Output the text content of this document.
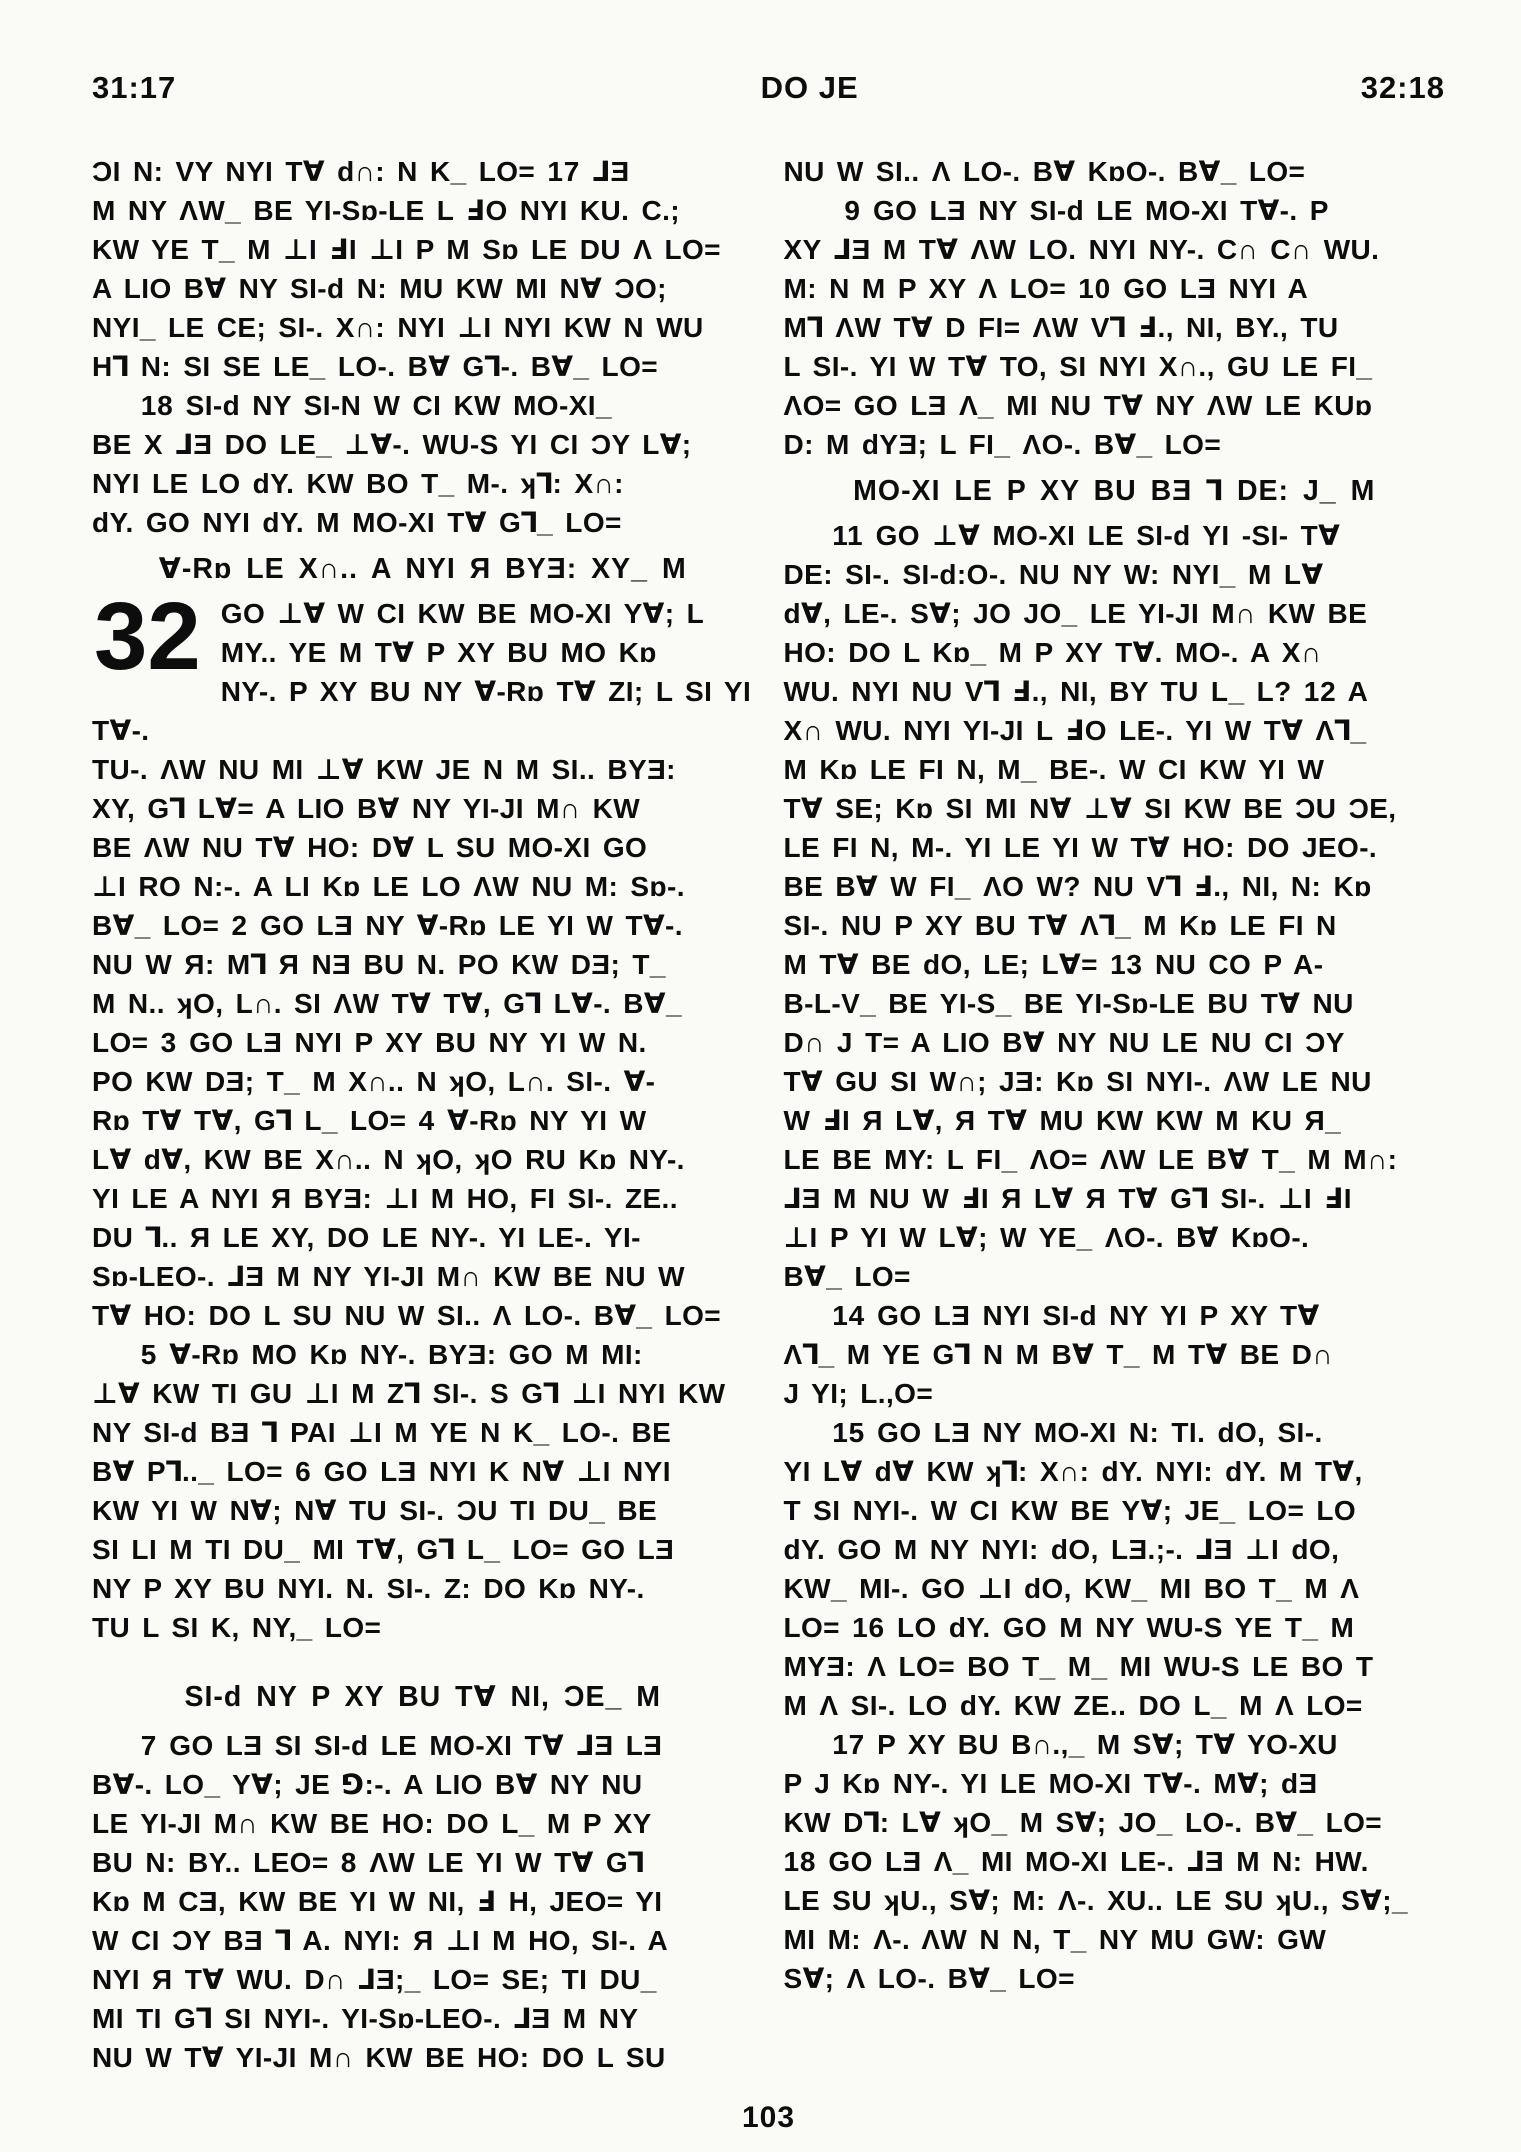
31:17	DO JE	32:18
ƆI N: VY NYI T∀ d∩: N K_ LO= 17 ⅃Ǝ
M NY ΛW_ BE YI-Sɒ-LE L ℲO NYI KU. C.;
KW YE T_ M ⊥I ℲI ⊥I P M Sɒ LE DU Λ LO=
A LIO B∀ NY SI-d N: MU KW MI N∀ ƆO;
NYI_ LE CE; SI-. X∩: NYI ⊥I NYI KW N WU
H⅂ N: SI SE LE_ LO-. B∀ G⅂-. B∀_ LO=
18 SI-d NY SI-N W CI KW MO-XI_
BE X ⅃Ǝ DO LE_ ⊥∀-. WU-S YI CI ƆY L∀;
NYI LE LO dY. KW BO T_ M-. ʞ⅂: X∩:
dY. GO NYI dY. M MO-XI T∀ G⅂_ LO=
∀-Rɒ LE X∩.. A NYI Я BYƎ: XY_ M
32 GO ⊥∀ W CI KW BE MO-XI Y∀; L
MY.. YE M T∀ P XY BU MO Kɒ
NY-. P XY BU NY ∀-Rɒ T∀ ZI; L SI YI T∀-.
TU-. ΛW NU MI ⊥∀ KW JE N M SI.. BYƎ:
XY, G⅂ L∀= A LIO B∀ NY YI-JI M∩ KW
BE ΛW NU T∀ HO: D∀ L SU MO-XI GO
⊥I RO N:-. A LI Kɒ LE LO ΛW NU M: Sɒ-.
B∀_ LO= 2 GO LƎ NY ∀-Rɒ LE YI W T∀-.
NU W Я: M⅂ Я NƎ BU N. PO KW DƎ; T_
M N.. ʞO, L∩. SI ΛW T∀ T∀, G⅂ L∀-. B∀_
LO= 3 GO LƎ NYI P XY BU NY YI W N.
PO KW DƎ; T_ M X∩.. N ʞO, L∩. SI-. ∀-
Rɒ T∀ T∀, G⅂ L_ LO= 4 ∀-Rɒ NY YI W
L∀ d∀, KW BE X∩.. N ʞO, ʞO RU Kɒ NY-.
YI LE A NYI Я BYƎ: ⊥I M HO, FI SI-. ZE..
DU ⅂.. Я LE XY, DO LE NY-. YI LE-. YI-
Sɒ-LEO-. ⅃Ǝ M NY YI-JI M∩ KW BE NU W
T∀ HO: DO L SU NU W SI.. Λ LO-. B∀_ LO=
5 ∀-Rɒ MO Kɒ NY-. BYƎ: GO M MI:
⊥∀ KW TI GU ⊥I M Z⅂ SI-. S G⅂ ⊥I NYI KW
NY SI-d BƎ ⅂ PAI ⊥I M YE N K_ LO-. BE
B∀ P⅂.._ LO= 6 GO LƎ NYI K N∀ ⊥I NYI
KW YI W N∀; N∀ TU SI-. ƆU TI DU_ BE
SI LI M TI DU_ MI T∀, G⅂ L_ LO= GO LƎ
NY P XY BU NYI. N. SI-. Z: DO Kɒ NY-.
TU L SI K, NY,_ LO=
SI-d NY P XY BU T∀ NI, ƆE_ M
7 GO LƎ SI SI-d LE MO-XI T∀ ⅃Ǝ LƎ
B∀-. LO_ Y∀; JE ⅁:-. A LIO B∀ NY NU
LE YI-JI M∩ KW BE HO: DO L_ M P XY
BU N: BY.. LEO= 8 ΛW LE YI W T∀ G⅂
Kɒ M CƎ, KW BE YI W NI, Ⅎ H, JEO= YI
W CI ƆY BƎ ⅂ A. NYI: Я ⊥I M HO, SI-. A
NYI Я T∀ WU. D∩ ⅃Ǝ;_ LO= SE; TI DU_
MI TI G⅂ SI NYI-. YI-Sɒ-LEO-. ⅃Ǝ M NY
NU W T∀ YI-JI M∩ KW BE HO: DO L SU
NU W SI.. Λ LO-. B∀ KɒO-. B∀_ LO=
9 GO LƎ NY SI-d LE MO-XI T∀-. P
XY ⅃Ǝ M T∀ ΛW LO. NYI NY-. C∩ C∩ WU.
M: N M P XY Λ LO= 10 GO LƎ NYI A
M⅂ ΛW T∀ D FI= ΛW V⅂ Ⅎ., NI, BY., TU
L SI-. YI W T∀ TO, SI NYI X∩., GU LE FI_
ΛO= GO LƎ Λ_ MI NU T∀ NY ΛW LE KUɒ
D: M dYƎ; L FI_ ΛO-. B∀_ LO=
MO-XI LE P XY BU BƎ ⅂ DE: J_ M
11 GO ⊥∀ MO-XI LE SI-d YI -SI- T∀
DE: SI-. SI-d:O-. NU NY W: NYI_ M L∀
d∀, LE-. S∀; JO JO_ LE YI-JI M∩ KW BE
HO: DO L Kɒ_ M P XY T∀. MO-. A X∩
WU. NYI NU V⅂ Ⅎ., NI, BY TU L_ L? 12 A
X∩ WU. NYI YI-JI L ℲO LE-. YI W T∀ Λ⅂_
M Kɒ LE FI N, M_ BE-. W CI KW YI W
T∀ SE; Kɒ SI MI N∀ ⊥∀ SI KW BE ƆU ƆE,
LE FI N, M-. YI LE YI W T∀ HO: DO JEO-.
BE B∀ W FI_ ΛO W? NU V⅂ Ⅎ., NI, N: Kɒ
SI-. NU P XY BU T∀ Λ⅂_ M Kɒ LE FI N
M T∀ BE dO, LE; L∀= 13 NU CO P A-
B-L-V_ BE YI-S_ BE YI-Sɒ-LE BU T∀ NU
D∩ J T= A LIO B∀ NY NU LE NU CI ƆY
T∀ GU SI W∩; JƎ: Kɒ SI NYI-. ΛW LE NU
W ℲI Я L∀, Я T∀ MU KW KW M KU Я_
LE BE MY: L FI_ ΛO= ΛW LE B∀ T_ M M∩:
⅃Ǝ M NU W ℲI Я L∀ Я T∀ G⅂ SI-. ⊥I ℲI
⊥I P YI W L∀; W YE_ ΛO-. B∀ KɒO-.
B∀_ LO=
14 GO LƎ NYI SI-d NY YI P XY T∀
Λ⅂_ M YE G⅂ N M B∀ T_ M T∀ BE D∩
J YI; L.,O=
15 GO LƎ NY MO-XI N: TI. dO, SI-.
YI L∀ d∀ KW ʞ⅂: X∩: dY. NYI: dY. M T∀,
T SI NYI-. W CI KW BE Y∀; JE_ LO= LO
dY. GO M NY NYI: dO, LƎ.;-. ⅃Ǝ ⊥I dO,
KW_ MI-. GO ⊥I dO, KW_ MI BO T_ M Λ
LO= 16 LO dY. GO M NY WU-S YE T_ M
MYƎ: Λ LO= BO T_ M_ MI WU-S LE BO T
M Λ SI-. LO dY. KW ZE.. DO L_ M Λ LO=
17 P XY BU B∩.,_ M S∀; T∀ YO-XU
P J Kɒ NY-. YI LE MO-XI T∀-. M∀; dƎ
KW D⅂: L∀ ʞO_ M S∀; JO_ LO-. B∀_ LO=
18 GO LƎ Λ_ MI MO-XI LE-. ⅃Ǝ M N: HW.
LE SU ʞU., S∀; M: Λ-. XU.. LE SU ʞU., S∀;_
MI M: Λ-. ΛW N N, T_ NY MU GW: GW
S∀; Λ LO-. B∀_ LO=
103
